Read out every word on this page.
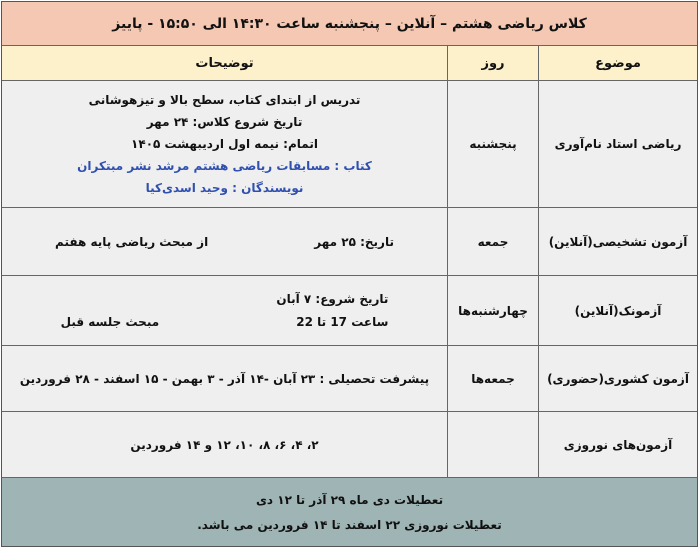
کلاس ریاضی هشتم – آنلاین – پنجشنبه ساعت ۱۴:۳۰ الی ۱۵:۵۰ - پاییز
موضوع
روز
توضیحات
ریاضی استاد نام‌آوری
پنجشنبه
تدریس از ابتدای کتاب، سطح بالا و تیزهوشانی
تاریخ شروع کلاس: ۲۴ مهر
اتمام: نیمه اول اردیبهشت ۱۴۰۵
کتاب : مسابقات ریاضی هشتم مرشد نشر مبتکران
نویسندگان : وحید اسدی‌کیا
آزمون تشخیصی(آنلاین)
جمعه
تاریخ: ۲۵ مهر
از مبحث ریاضی پایه هفتم
آزمونک(آنلاین)
چهارشنبه‌ها
تاریخ شروع: ۷ آبان
ساعت 17 تا 22
مبحث جلسه قبل
آزمون کشوری(حضوری)
جمعه‌ها
پیشرفت تحصیلی : ۲۳ آبان -۱۴ آذر - ۳ بهمن - ۱۵ اسفند - ۲۸ فروردین
آزمون‌های نوروزی
۲، ۴، ۶، ۸، ۱۰، ۱۲ و ۱۴ فروردین
تعطیلات دی ماه ۲۹ آذر تا ۱۲ دی
تعطیلات نوروزی ۲۲ اسفند تا ۱۴ فروردین می باشد.
